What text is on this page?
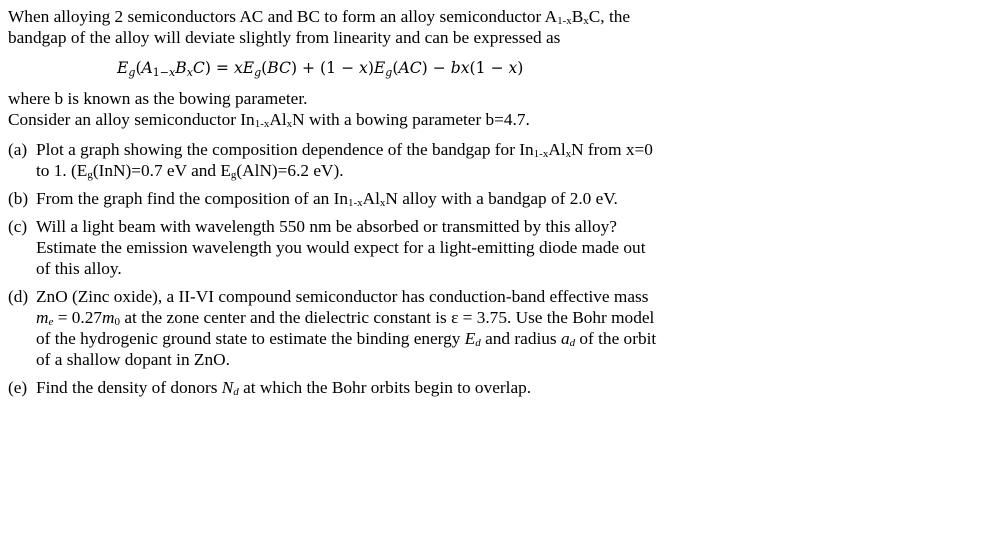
When alloying 2 semiconductors AC and BC to form an alloy semiconductor $A_{1-x}B_xC$, the
bandgap of the alloy will deviate slightly from linearity and can be expressed as
$E_g(A_{1-x}B_xC) = xE_g(BC) + (1 - x)E_g(AC) - bx(1 - x)$
where b is known as the bowing parameter.
Consider an alloy semiconductor $In_{1-x}Al_xN$ with a bowing parameter b=4.7.
(a) Plot a graph showing the composition dependence of the bandgap for $In_{1-x}Al_xN$ from x=0
to 1. ($E_g(InN)=0.7$ eV and $E_g(AlN)=6.2$ eV).
(b) From the graph find the composition of an $In_{1-x}Al_xN$ alloy with a bandgap of 2.0 eV.
(c) Will a light beam with wavelength 550 nm be absorbed or transmitted by this alloy?
Estimate the emission wavelength you would expect for a light-emitting diode made out
of this alloy.
(d) ZnO (Zinc oxide), a II-VI compound semiconductor has conduction-band effective mass
$m_e = 0.27m_0$ at the zone center and the dielectric constant is ε = 3.75. Use the Bohr model
of the hydrogenic ground state to estimate the binding energy $E_d$ and radius $a_d$ of the orbit
of a shallow dopant in ZnO.
(e) Find the density of donors $N_d$ at which the Bohr orbits begin to overlap.
